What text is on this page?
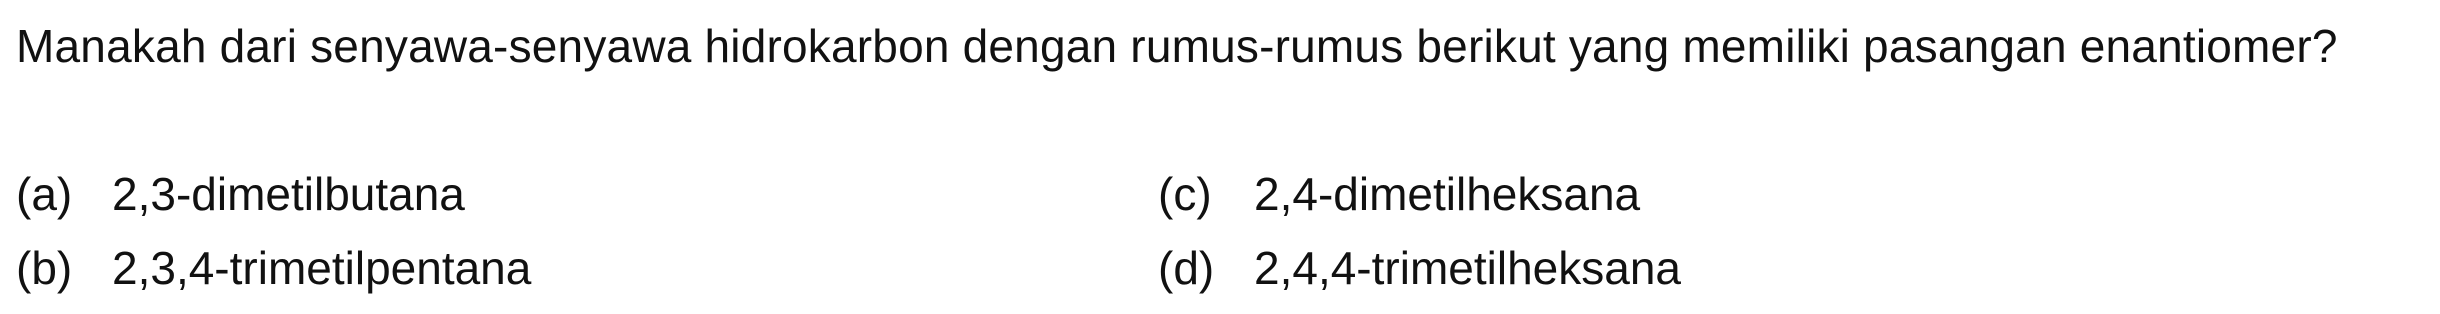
Manakah dari senyawa-senyawa hidrokarbon dengan rumus-rumus berikut yang memiliki pasangan enantiomer?
(a) 2,3-dimetilbutana
(b) 2,3,4-trimetilpentana
(c) 2,4-dimetilheksana
(d) 2,4,4-trimetilheksana
